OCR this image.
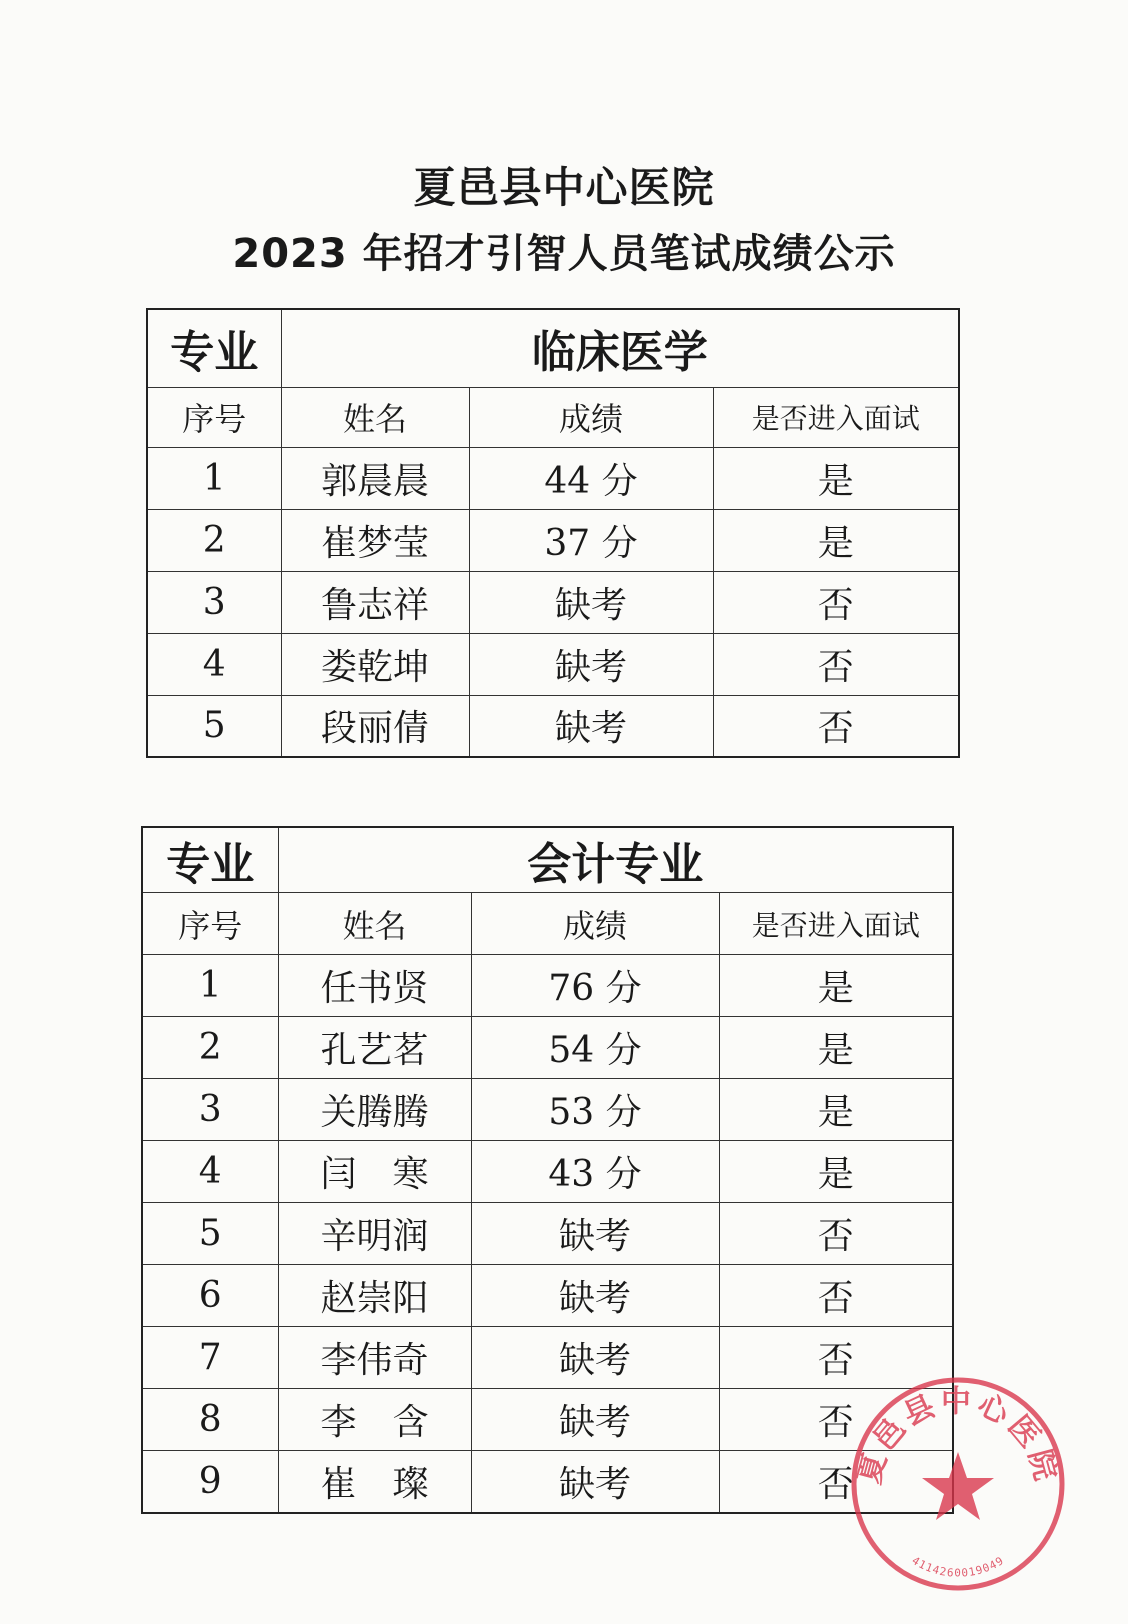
夏邑县中心医院
2023 年招才引智人员笔试成绩公示
专业	临床医学		
序号	姓名	成绩	是否进入面试
1	郭晨晨	44 分	是
2	崔梦莹	37 分	是
3	鲁志祥	缺考	否
4	娄乾坤	缺考	否
5	段丽倩	缺考	否
专业	会计专业		
序号	姓名	成绩	是否进入面试
1	任书贤	76 分	是
2	孔艺茗	54 分	是
3	关腾腾	53 分	是
4	闫　寒	43 分	是
5	辛明润	缺考	否
6	赵崇阳	缺考	否
7	李伟奇	缺考	否
8	李　含	缺考	否
9	崔　璨	缺考	否
夏邑县中心医院
4114260019049
